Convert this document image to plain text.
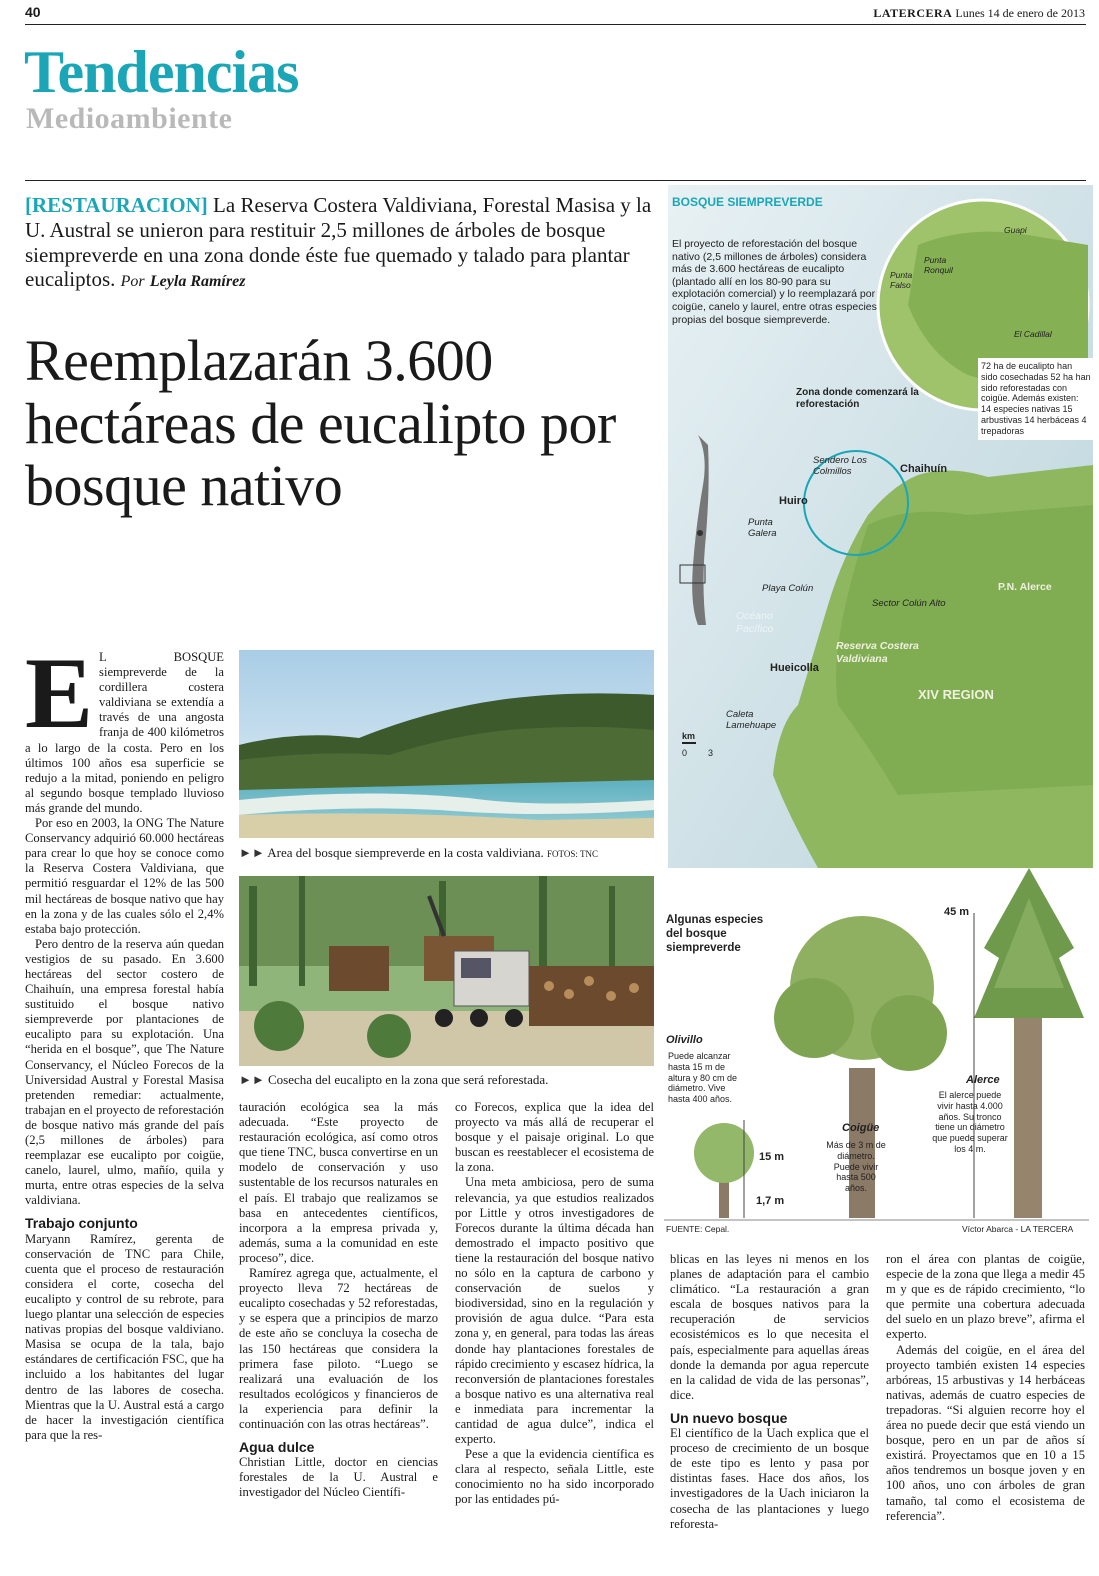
40	LATERCERA Lunes 14 de enero de 2013
Tendencias
Medioambiente
[RESTAURACION] La Reserva Costera Valdiviana, Forestal Masisa y la U. Austral se unieron para restituir 2,5 millones de árboles de bosque siempreverde en una zona donde éste fue quemado y talado para plantar eucaliptos. Por Leyla Ramírez
Reemplazarán 3.600 hectáreas de eucalipto por bosque nativo
►► Area del bosque siempreverde en la costa valdiviana. FOTOS: TNC
►► Cosecha del eucalipto en la zona que será reforestada.

E L BOSQUE siempreverde de la cordillera costera valdiviana se extendía a través de una angosta franja de 400 kilómetros a lo largo de la costa. Pero en los últimos 100 años esa superficie se redujo a la mitad, poniendo en peligro al segundo bosque templado lluvioso más grande del mundo.

Por eso en 2003, la ONG The Nature Conservancy adquirió 60.000 hectáreas para crear lo que hoy se conoce como la Reserva Costera Valdiviana, que permitió resguardar el 12% de las 500 mil hectáreas de bosque nativo que hay en la zona y de las cuales sólo el 2,4% estaba bajo protección.

Pero dentro de la reserva aún quedan vestigios de su pasado. En 3.600 hectáreas del sector costero de Chaihuín, una empresa forestal había sustituido el bosque nativo siempreverde por plantaciones de eucalipto para su explotación. Una “herida en el bosque”, que The Nature Conservancy, el Núcleo Forecos de la Universidad Austral y Forestal Masisa pretenden remediar: actualmente, trabajan en el proyecto de reforestación de bosque nativo más grande del país (2,5 millones de árboles) para reemplazar ese eucalipto por coigüe, canelo, laurel, ulmo, mañío, quila y murta, entre otras especies de la selva valdiviana.

Trabajo conjunto

Maryann Ramírez, gerenta de conservación de TNC para Chile, cuenta que el proceso de restauración considera el corte, cosecha del eucalipto y control de su rebrote, para luego plantar una selección de especies nativas propias del bosque valdiviano. Masisa se ocupa de la tala, bajo estándares de certificación FSC, que ha incluido a los habitantes del lugar dentro de las labores de cosecha. Mientras que la U. Austral está a cargo de hacer la investigación científica para que la res-

tauración ecológica sea la más adecuada. “Este proyecto de restauración ecológica, así como otros que tiene TNC, busca convertirse en un modelo de conservación y uso sustentable de los recursos naturales en el país. El trabajo que realizamos se basa en antecedentes científicos, incorpora a la empresa privada y, además, suma a la comunidad en este proceso”, dice.

Ramírez agrega que, actualmente, el proyecto lleva 72 hectáreas de eucalipto cosechadas y 52 reforestadas, y se espera que a principios de marzo de este año se concluya la cosecha de las 150 hectáreas que considera la primera fase piloto. “Luego se realizará una evaluación de los resultados ecológicos y financieros de la experiencia para definir la continuación con las otras hectáreas”.

Agua dulce

Christian Little, doctor en ciencias forestales de la U. Austral e investigador del Núcleo Científi-

co Forecos, explica que la idea del proyecto va más allá de recuperar el bosque y el paisaje original. Lo que buscan es reestablecer el ecosistema de la zona.

Una meta ambiciosa, pero de suma relevancia, ya que estudios realizados por Little y otros investigadores de Forecos durante la última década han demostrado el impacto positivo que tiene la restauración del bosque nativo no sólo en la captura de carbono y conservación de suelos y biodiversidad, sino en la regulación y provisión de agua dulce. “Para esta zona y, en general, para todas las áreas donde hay plantaciones forestales de rápido crecimiento y escasez hídrica, la reconversión de plantaciones forestales a bosque nativo es una alternativa real e inmediata para incrementar la cantidad de agua dulce”, indica el experto.

Pese a que la evidencia científica es clara al respecto, señala Little, este conocimiento no ha sido incorporado por las entidades pú-

blicas en las leyes ni menos en los planes de adaptación para el cambio climático. “La restauración a gran escala de bosques nativos para la recuperación de servicios ecosistémicos es lo que necesita el país, especialmente para aquellas áreas donde la demanda por agua repercute en la calidad de vida de las personas”, dice.

Un nuevo bosque

El científico de la Uach explica que el proceso de crecimiento de un bosque de este tipo es lento y pasa por distintas fases. Hace dos años, los investigadores de la Uach iniciaron la cosecha de las plantaciones y luego reforesta-

ron el área con plantas de coigüe, especie de la zona que llega a medir 45 m y que es de rápido crecimiento, “lo que permite una cobertura adecuada del suelo en un plazo breve”, afirma el experto.

Además del coigüe, en el área del proyecto también existen 14 especies arbóreas, 15 arbustivas y 14 herbáceas nativas, además de cuatro especies de trepadoras. “Si alguien recorre hoy el área no puede decir que está viendo un bosque, pero en un par de años sí existirá. Proyectamos que en 10 a 15 años tendremos un bosque joven y en 100 años, uno con árboles de gran tamaño, tal como el ecosistema de referencia”.

BOSQUE SIEMPREVERDE
El proyecto de reforestación del bosque nativo (2,5 millones de árboles) considera más de 3.600 hectáreas de eucalipto (plantado allí en los 80-90 para su explotación comercial) y lo reemplazará por coigüe, canelo y laurel, entre otras especies propias del bosque siempreverde.
72 ha de eucalipto han sido cosechadas 52 ha han sido reforestadas con coigüe. Además existen: 14 especies nativas 15 arbustivas 14 herbáceas 4 trepadoras
Zona donde comenzará la reforestación
Guapi
Punta Ronquil
Punta Falso
El Cadillal
Sendero Los Colmillos	Chaihuín
Huiro
Punta Galera
Playa Colún	P.N. Alerce
Sector Colún Alto
Océano Pacífico
Reserva Costera Valdiviana
Hueicolla
XIV REGION
Caleta Lamehuape
km
0 3
Algunas especies del bosque siempreverde
45 m
Olivillo
Puede alcanzar hasta 15 m de altura y 80 cm de diámetro. Vive hasta 400 años.
Alerce
El alerce puede vivir hasta 4.000 años. Su tronco tiene un diámetro que puede superar los 4 m.
Coigüe
Más de 3 m de diámetro. Puede vivir hasta 500 años.
15 m
1,7 m
FUENTE: Cepal.	Víctor Abarca - LA TERCERA
